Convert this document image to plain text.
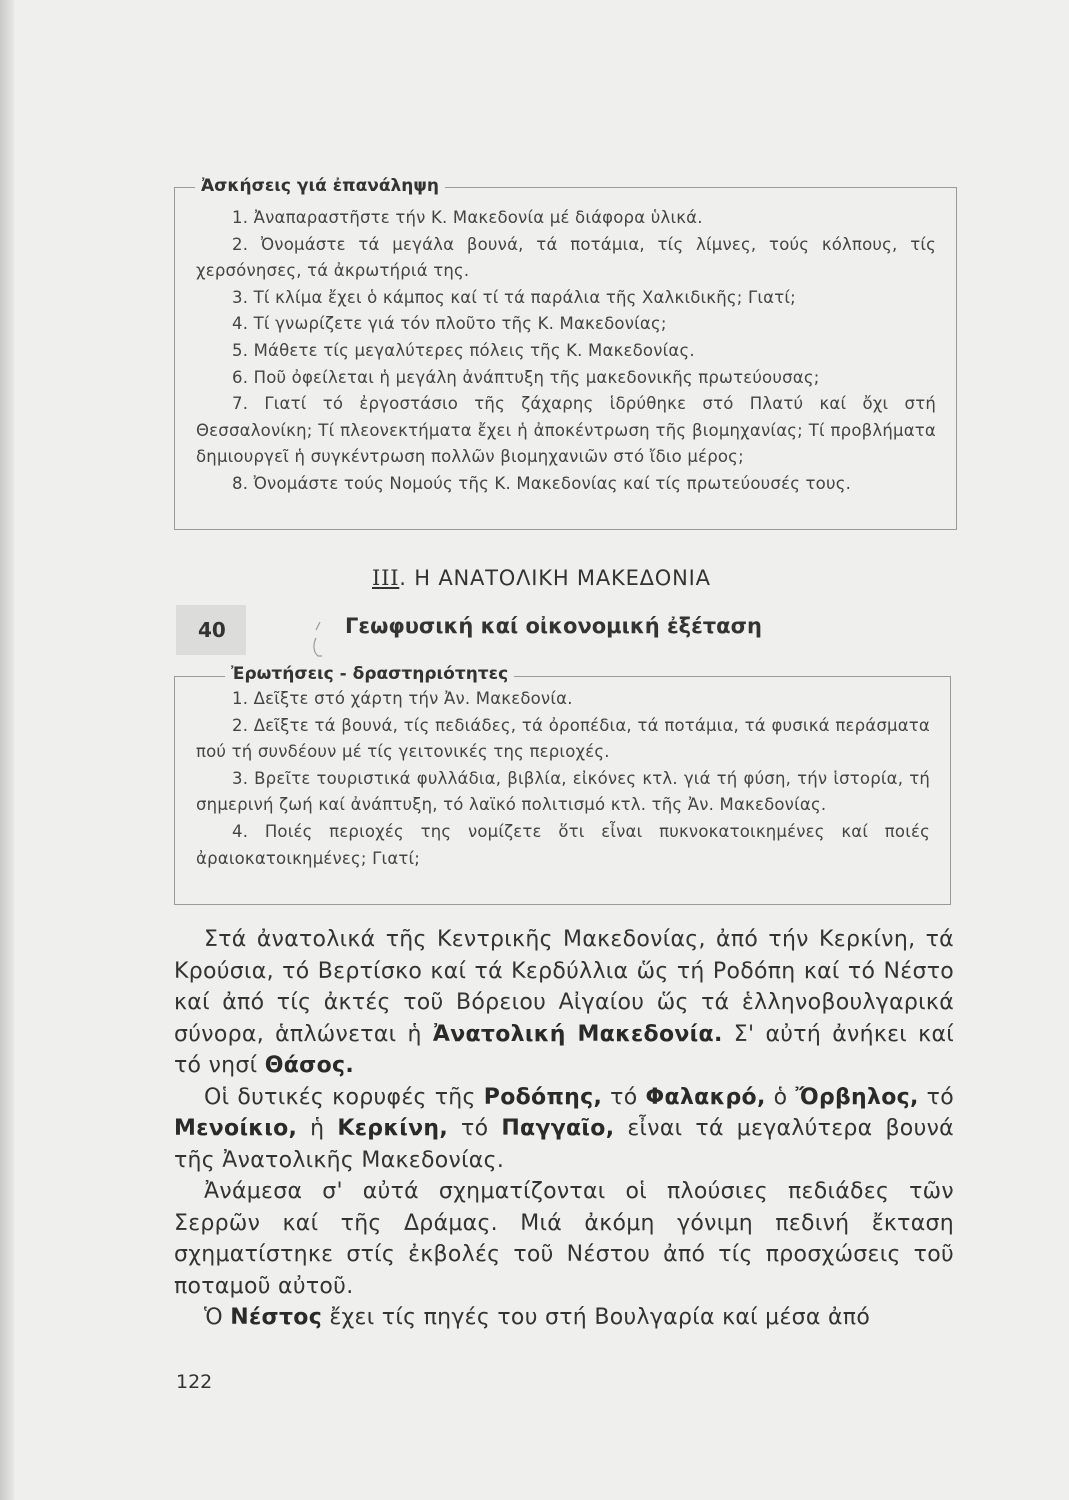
Ἀσκήσεις γιά ἐπανάληψη

1. Ἀναπαραστῆστε τήν Κ. Μακεδονία μέ διάφορα ὑλικά.

2. Ὀνομάστε τά μεγάλα βουνά, τά ποτάμια, τίς λίμνες, τούς κόλπους, τίς χερσόνησες, τά ἀκρωτήριά της.

3. Τί κλίμα ἔχει ὁ κάμπος καί τί τά παράλια τῆς Χαλκιδικῆς; Γιατί;

4. Τί γνωρίζετε γιά τόν πλοῦτο τῆς Κ. Μακεδονίας;

5. Μάθετε τίς μεγαλύτερες πόλεις τῆς Κ. Μακεδονίας.

6. Ποῦ ὀφείλεται ἡ μεγάλη ἀνάπτυξη τῆς μακεδονικῆς πρωτεύουσας;

7. Γιατί τό ἐργοστάσιο τῆς ζάχαρης ἱδρύθηκε στό Πλατύ καί ὄχι στή Θεσσαλονίκη; Τί πλεονεκτήματα ἔχει ἡ ἀποκέντρωση τῆς βιομηχανίας; Τί προβλήματα δημιουργεῖ ἡ συγκέντρωση πολλῶν βιομηχανιῶν στό ἴδιο μέρος;

8. Ὀνομάστε τούς Νομούς τῆς Κ. Μακεδονίας καί τίς πρωτεύουσές τους.

III. Η ΑΝΑΤΟΛΙΚΗ ΜΑΚΕΔΟΝΙΑ
40	Γεωφυσική καί οἰκονομική ἐξέταση
Ἐρωτήσεις - δραστηριότητες

1. Δεῖξτε στό χάρτη τήν Ἀν. Μακεδονία.

2. Δεῖξτε τά βουνά, τίς πεδιάδες, τά ὀροπέδια, τά ποτάμια, τά φυσικά περάσματα πού τή συνδέουν μέ τίς γειτονικές της περιοχές.

3. Βρεῖτε τουριστικά φυλλάδια, βιβλία, εἰκόνες κτλ. γιά τή φύση, τήν ἱστορία, τή σημερινή ζωή καί ἀνάπτυξη, τό λαϊκό πολιτισμό κτλ. τῆς Ἀν. Μακεδονίας.

4. Ποιές περιοχές της νομίζετε ὅτι εἶναι πυκνοκατοικημένες καί ποιές ἀραιοκατοικημένες; Γιατί;

Στά ἀνατολικά τῆς Κεντρικῆς Μακεδονίας, ἀπό τήν Κερκίνη, τά Κρούσια, τό Βερτίσκο καί τά Κερδύλλια ὥς τή Ροδόπη καί τό Νέστο καί ἀπό τίς ἀκτές τοῦ Βόρειου Αἰγαίου ὥς τά ἑλληνοβουλγαρικά σύνορα, ἁπλώνεται ἡ Ἀνατολική Μακεδονία. Σ' αὐτή ἀνήκει καί τό νησί Θάσος.

Οἱ δυτικές κορυφές τῆς Ροδόπης, τό Φαλακρό, ὁ Ὄρβηλος, τό Μενοίκιο, ἡ Κερκίνη, τό Παγγαῖο, εἶναι τά μεγαλύτερα βουνά τῆς Ἀνατολικῆς Μακεδονίας.

Ἀνάμεσα σ' αὐτά σχηματίζονται οἱ πλούσιες πεδιάδες τῶν Σερρῶν καί τῆς Δράμας. Μιά ἀκόμη γόνιμη πεδινή ἔκταση σχηματίστηκε στίς ἐκβολές τοῦ Νέστου ἀπό τίς προσχώσεις τοῦ ποταμοῦ αὐτοῦ.

Ὁ Νέστος ἔχει τίς πηγές του στή Βουλγαρία καί μέσα ἀπό

122
